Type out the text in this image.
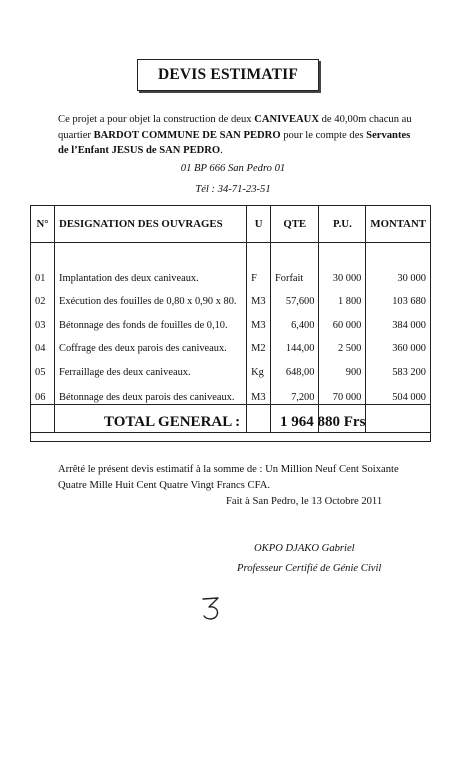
DEVIS ESTIMATIF
Ce projet a pour objet la construction de deux CANIVEAUX de 40,00m chacun au quartier BARDOT COMMUNE DE SAN PEDRO pour le compte des Servantes de l’Enfant JESUS de SAN PEDRO.
01 BP 666 San Pedro 01
Tél : 34-71-23-51
N°	DESIGNATION DES OUVRAGES	U	QTE	P.U.	MONTANT

01	Implantation des deux caniveaux.	F	Forfait	30 000	30 000
02	Exécution des fouilles de 0,80 x 0,90 x 80.	M3	57,600	1 800	103 680
03	Bétonnage des fonds de fouilles de 0,10.	M3	6,400	60 000	384 000
04	Coffrage des deux parois des caniveaux.	M2	144,00	2 500	360 000
05	Ferraillage des deux caniveaux.	Kg	648,00	900	583 200
06	Bétonnage des deux parois des caniveaux.	M3	7,200	70 000	504 000
TOTAL GENERAL :	1 964 880 Frs
Arrêté le présent devis estimatif à la somme de : Un Million Neuf Cent Soixante Quatre Mille Huit Cent Quatre Vingt Francs CFA.
Fait à San Pedro, le 13 Octobre 2011
OKPO DJAKO Gabriel
Professeur Certifié de Génie Civil
